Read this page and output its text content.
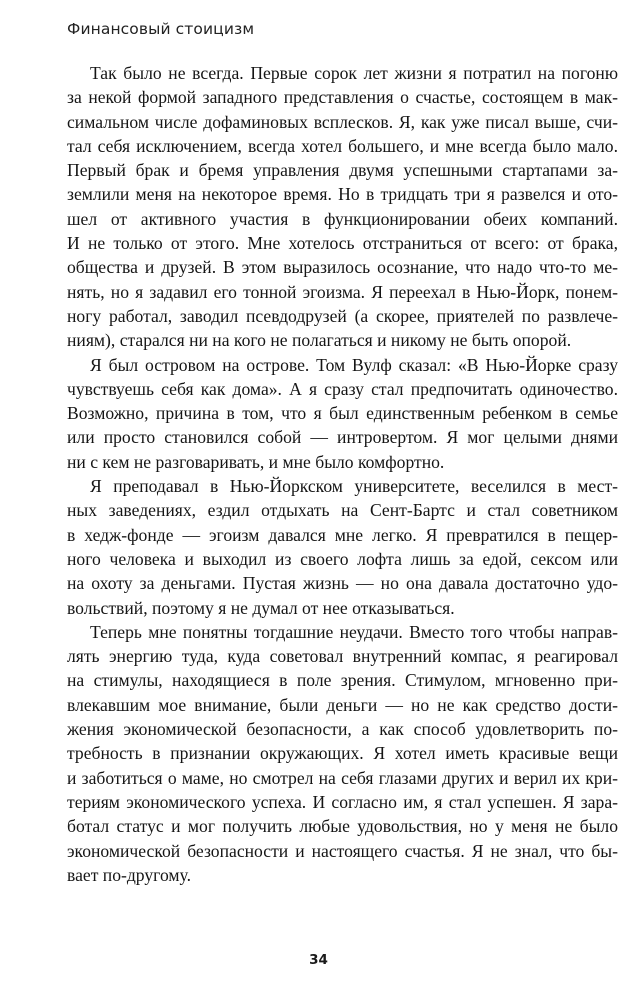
Финансовый стоицизм

Так было не всегда. Первые сорок лет жизни я потратил на погоню
за некой формой западного представления о счастье, состоящем в мак-
симальном числе дофаминовых всплесков. Я, как уже писал выше, счи-
тал себя исключением, всегда хотел большего, и мне всегда было мало.
Первый брак и бремя управления двумя успешными стартапами за-
землили меня на некоторое время. Но в тридцать три я развелся и ото-
шел от активного участия в функционировании обеих компаний.
И не только от этого. Мне хотелось отстраниться от всего: от брака,
общества и друзей. В этом выразилось осознание, что надо что-то ме-
нять, но я задавил его тонной эгоизма. Я переехал в Нью-Йорк, понем-
ногу работал, заводил псевдодрузей (а скорее, приятелей по развлече-
ниям), старался ни на кого не полагаться и никому не быть опорой.

Я был островом на острове. Том Вулф сказал: «В Нью-Йорке сразу
чувствуешь себя как дома». А я сразу стал предпочитать одиночество.
Возможно, причина в том, что я был единственным ребенком в семье
или просто становился собой — интровертом. Я мог целыми днями
ни с кем не разговаривать, и мне было комфортно.

Я преподавал в Нью-Йоркском университете, веселился в мест-
ных заведениях, ездил отдыхать на Сент-Бартс и стал советником
в хедж-фонде — эгоизм давался мне легко. Я превратился в пещер-
ного человека и выходил из своего лофта лишь за едой, сексом или
на охоту за деньгами. Пустая жизнь — но она давала достаточно удо-
вольствий, поэтому я не думал от нее отказываться.

Теперь мне понятны тогдашние неудачи. Вместо того чтобы направ-
лять энергию туда, куда советовал внутренний компас, я реагировал
на стимулы, находящиеся в поле зрения. Стимулом, мгновенно при-
влекавшим мое внимание, были деньги — но не как средство дости-
жения экономической безопасности, а как способ удовлетворить по-
требность в признании окружающих. Я хотел иметь красивые вещи
и заботиться о маме, но смотрел на себя глазами других и верил их кри-
териям экономического успеха. И согласно им, я стал успешен. Я зара-
ботал статус и мог получить любые удовольствия, но у меня не было
экономической безопасности и настоящего счастья. Я не знал, что бы-
вает по-другому.

34
